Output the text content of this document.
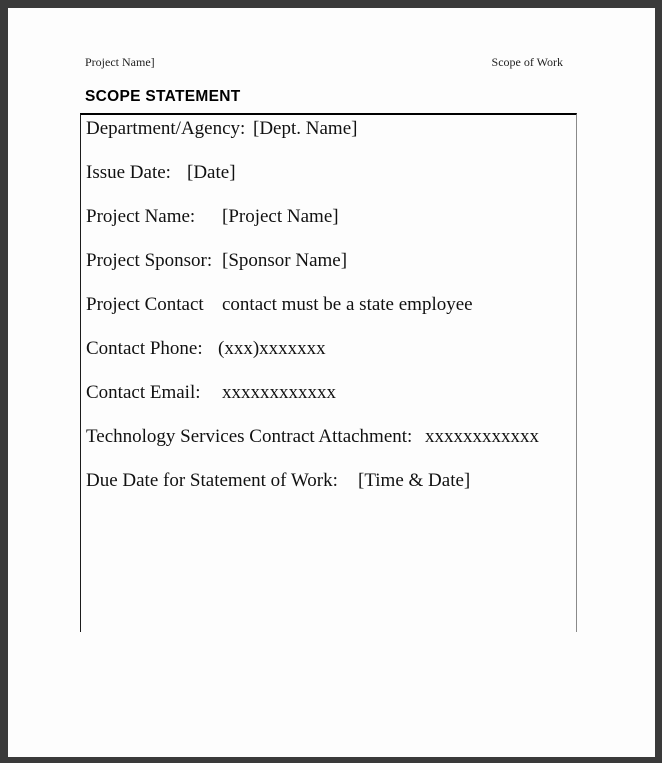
Project Name]	Scope of Work
SCOPE STATEMENT
Department/Agency: [Dept. Name]
Issue Date: [Date]
Project Name: [Project Name]
Project Sponsor: [Sponsor Name]
Project Contact contact must be a state employee
Contact Phone: (xxx)xxxxxxx
Contact Email: xxxxxxxxxxxx
Technology Services Contract Attachment: xxxxxxxxxxxx
Due Date for Statement of Work: [Time & Date]
